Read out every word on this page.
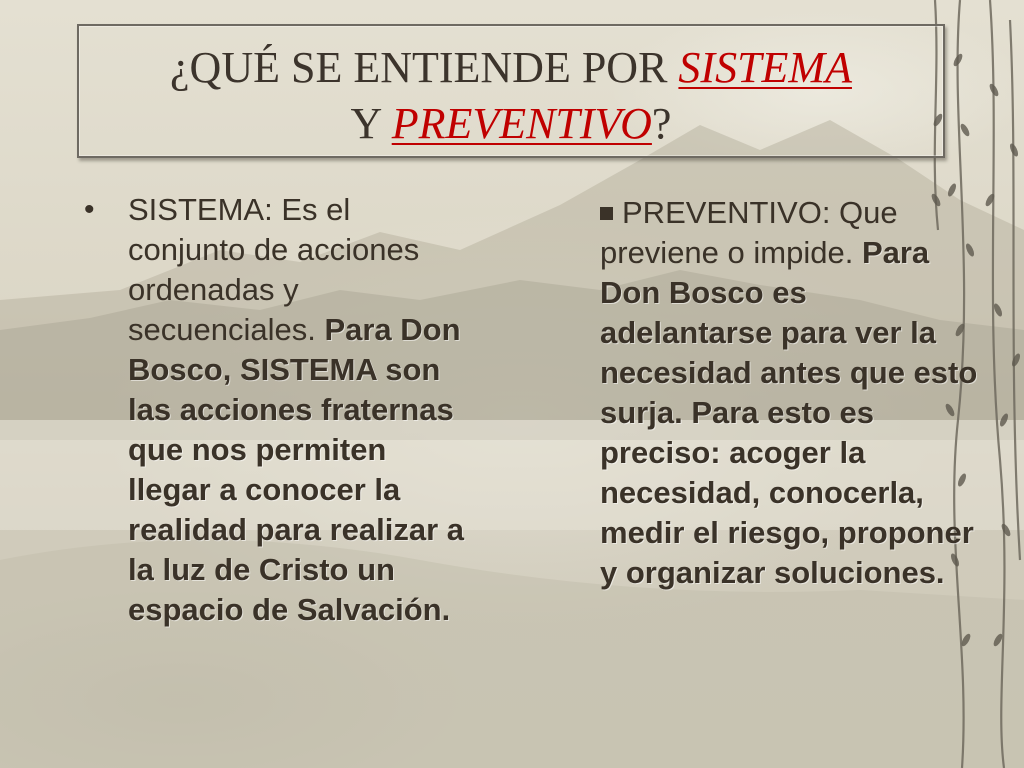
¿QUÉ SE ENTIENDE POR SISTEMA
Y PREVENTIVO?
• SISTEMA: Es el conjunto de acciones ordenadas y secuenciales. Para Don Bosco, SISTEMA son las acciones fraternas que nos permiten llegar a conocer la realidad para realizar a la luz de Cristo un espacio de Salvación.
PREVENTIVO: Que previene o impide. Para Don Bosco es adelantarse para ver la necesidad antes que esto surja. Para esto es preciso: acoger la necesidad, conocerla, medir el riesgo, proponer y organizar soluciones.
